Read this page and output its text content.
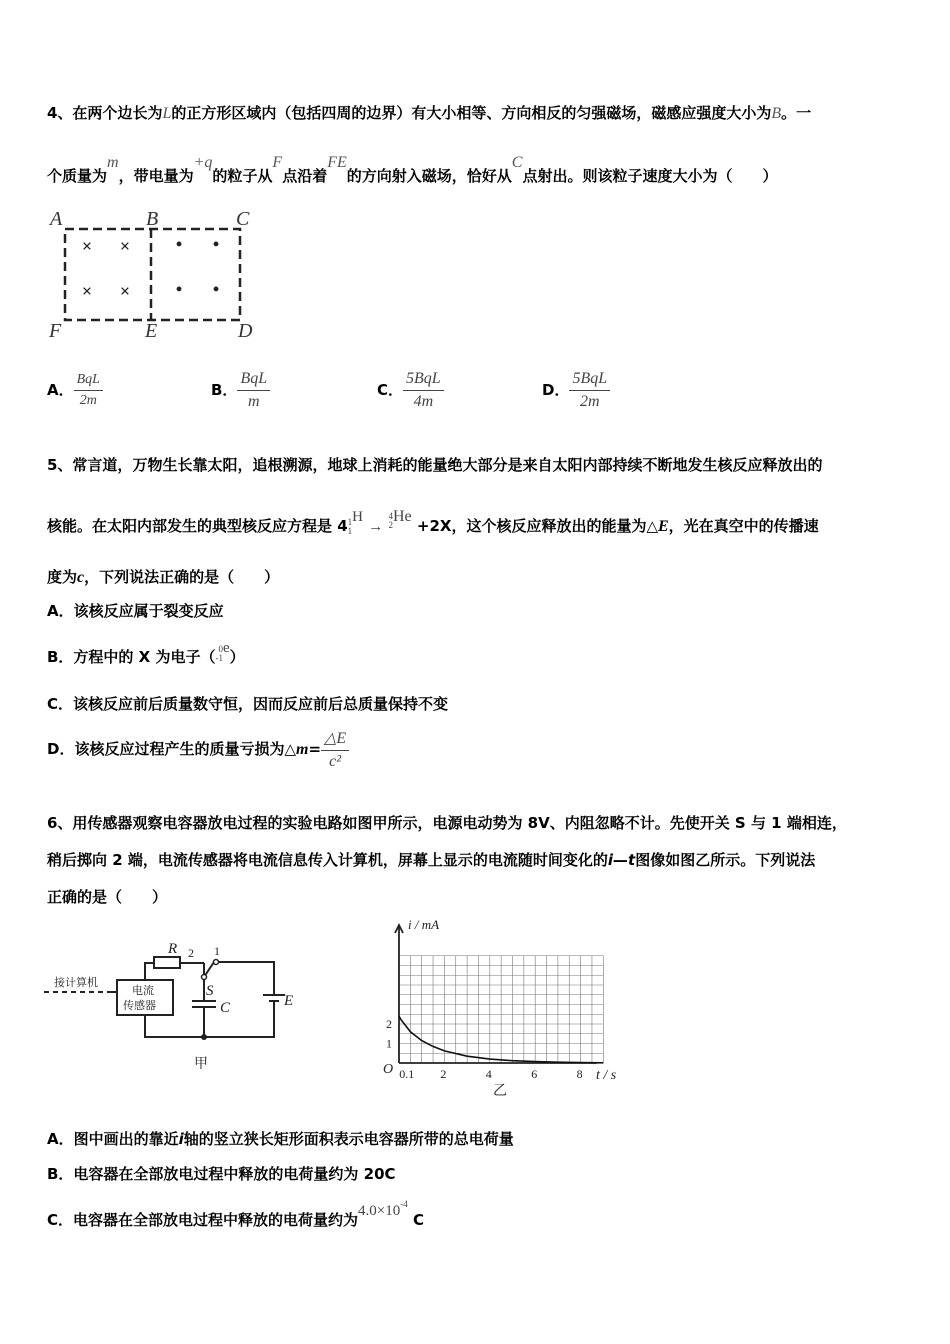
4、在两个边长为L的正方形区域内（包括四周的边界）有大小相等、方向相反的匀强磁场，磁感应强度大小为B。一
个质量为m，带电量为+q的粒子从F点沿着FE的方向射入磁场，恰好从C点射出。则该粒子速度大小为（　　）
A	B	C
F	E	D
× ×
× ×
• •
• •
A． $\frac{\text{BqL}}{2m}$	B． $\frac{\text{BqL}}{m}$	C． $\frac{\text{5BqL}}{4m}$	D． $\frac{\text{5BqL}}{2m}$
5、常言道，万物生长靠太阳，追根溯源，地球上消耗的能量绝大部分是来自太阳内部持续不断地发生核反应释放出的
核能。在太阳内部发生的典型核反应方程是 4 1
1
H →
4
2 He +2X，这个核反应释放出的能量为△E，光在真空中的传播速
度为c，下列说法正确的是（　　）
A．该核反应属于裂变反应
B．方程中的 X 为电子（ 0
-1
e）
C．该核反应前后质量数守恒，因而反应前后总质量保持不变
D．该核反应过程产生的质量亏损为△m= $\frac{\triangle E}{\text{c²}}$
6、用传感器观察电容器放电过程的实验电路如图甲所示，电源电动势为 8V、内阻忽略不计。先使开关 S 与 1 端相连，
稍后掷向 2 端，电流传感器将电流信息传入计算机，屏幕上显示的电流随时间变化的i—t图像如图乙所示。下列说法
正确的是（　　）
接计算机
电流
传感器
R
S
C	E
2 1
甲
0.1 2	4	6	8
1
2
i / mA
t / s
O
乙
A．图中画出的靠近i轴的竖立狭长矩形面积表示电容器所带的总电荷量
B．电容器在全部放电过程中释放的电荷量约为 20C
C．电容器在全部放电过程中释放的电荷量约为$4.0\times 10^{-4}$ C
